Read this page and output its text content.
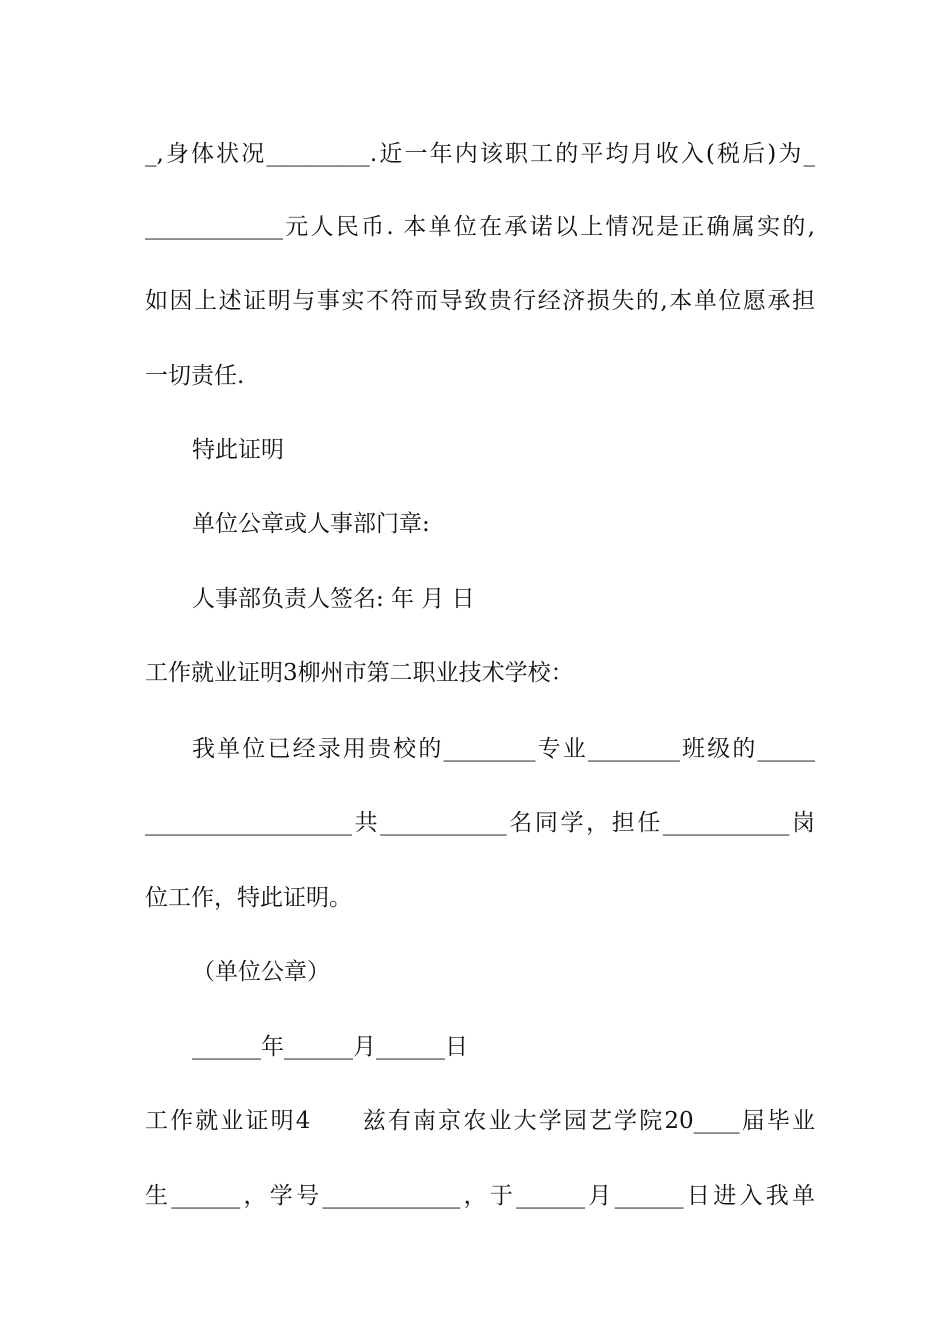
_,身体状况_________.近一年内该职工的平均月收入(税后)为_
____________元人民币. 本单位在承诺以上情况是正确属实的,
如因上述证明与事实不符而导致贵行经济损失的,本单位愿承担
一切责任.
特此证明
单位公章或人事部门章:
人事部负责人签名: 年 月 日
工作就业证明3柳州市第二职业技术学校：
我单位已经录用贵校的________专业________班级的_____
__________________共___________名同学，担任___________岗
位工作，特此证明。
（单位公章）
______年______月______日
工作就业证明4　　兹有南京农业大学园艺学院20____届毕业
生______，学号____________，于______月______日进入我单
